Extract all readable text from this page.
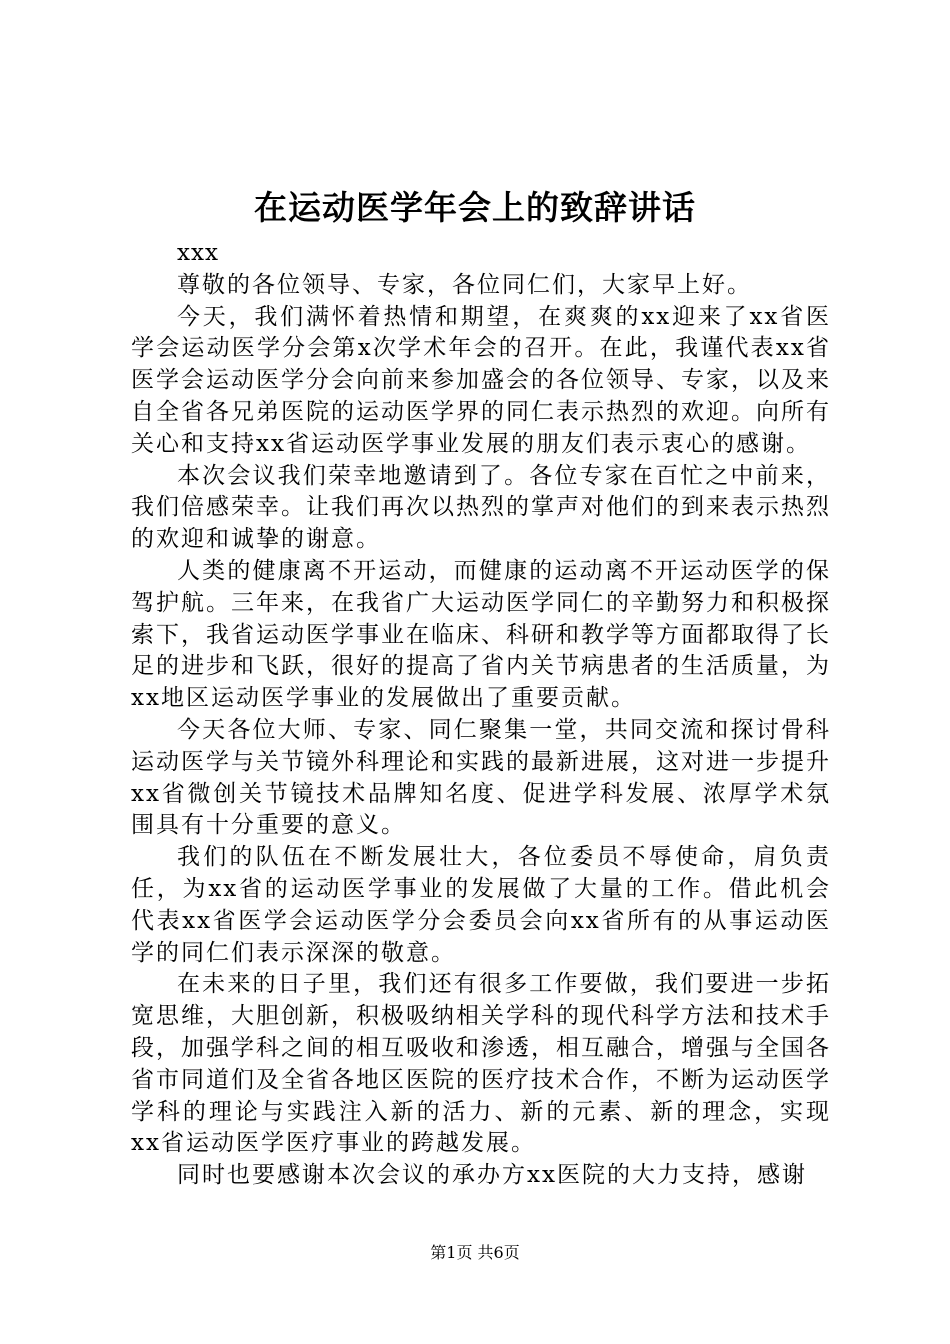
在运动医学年会上的致辞讲话

xxx

尊敬的各位领导、专家，各位同仁们，大家早上好。

今天，我们满怀着热情和期望，在爽爽的xx迎来了xx省医学会运动医学分会第x次学术年会的召开。在此，我谨代表xx省医学会运动医学分会向前来参加盛会的各位领导、专家，以及来自全省各兄弟医院的运动医学界的同仁表示热烈的欢迎。向所有关心和支持xx省运动医学事业发展的朋友们表示衷心的感谢。

本次会议我们荣幸地邀请到了。各位专家在百忙之中前来，我们倍感荣幸。让我们再次以热烈的掌声对他们的到来表示热烈的欢迎和诚挚的谢意。

人类的健康离不开运动，而健康的运动离不开运动医学的保驾护航。三年来，在我省广大运动医学同仁的辛勤努力和积极探索下，我省运动医学事业在临床、科研和教学等方面都取得了长足的进步和飞跃，很好的提高了省内关节病患者的生活质量，为xx地区运动医学事业的发展做出了重要贡献。

今天各位大师、专家、同仁聚集一堂，共同交流和探讨骨科运动医学与关节镜外科理论和实践的最新进展，这对进一步提升xx省微创关节镜技术品牌知名度、促进学科发展、浓厚学术氛围具有十分重要的意义。

我们的队伍在不断发展壮大，各位委员不辱使命，肩负责任，为xx省的运动医学事业的发展做了大量的工作。借此机会代表xx省医学会运动医学分会委员会向xx省所有的从事运动医学的同仁们表示深深的敬意。

在未来的日子里，我们还有很多工作要做，我们要进一步拓宽思维，大胆创新，积极吸纳相关学科的现代科学方法和技术手段，加强学科之间的相互吸收和渗透，相互融合，增强与全国各省市同道们及全省各地区医院的医疗技术合作，不断为运动医学学科的理论与实践注入新的活力、新的元素、新的理念，实现xx省运动医学医疗事业的跨越发展。

同时也要感谢本次会议的承办方xx医院的大力支持，感谢

第1页 共6页
